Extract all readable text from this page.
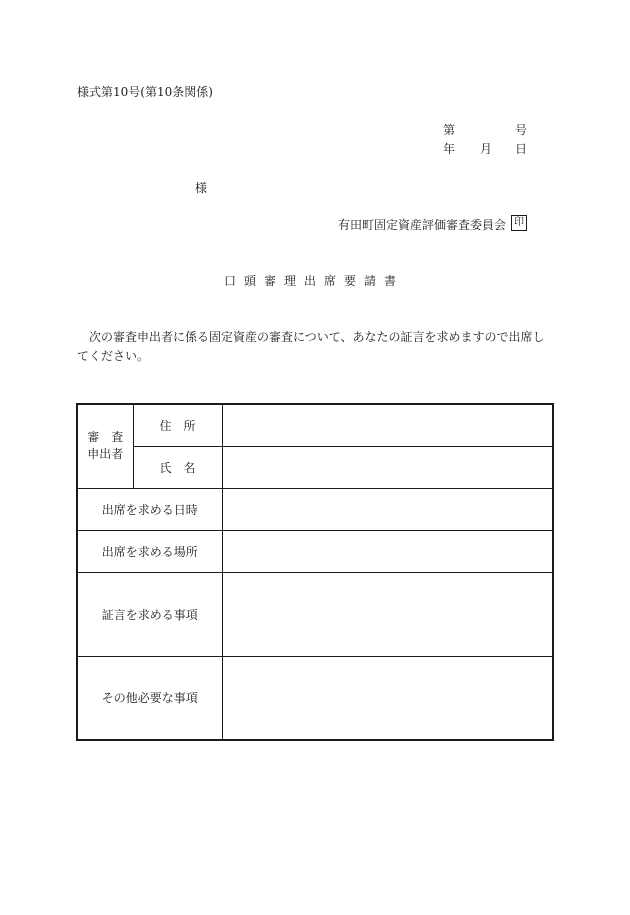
様式第10号(第10条関係)
第	号
年 月 日
様
有田町固定資産評価審査委員会 印
口頭審理出席要請書
次の審査申出者に係る固定資産の審査について、あなたの証言を求めますので出席してください。
審　査
申出者	住　所	
	氏　名	
出席を求める日時		
出席を求める場所		
証言を求める事項		
その他必要な事項		
